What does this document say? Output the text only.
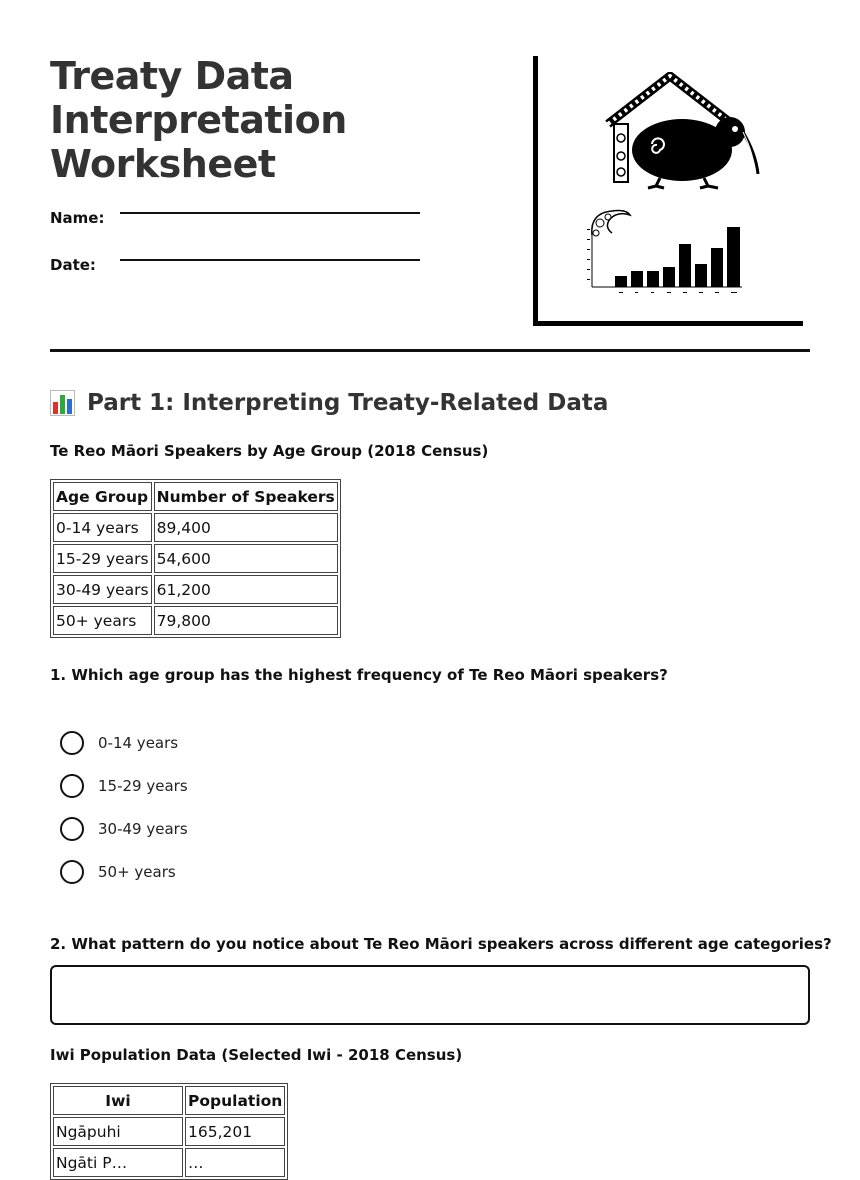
Treaty Data
Interpretation
Worksheet
Name:
Date:
Part 1: Interpreting Treaty-Related Data
Te Reo Māori Speakers by Age Group (2018 Census)
Age Group	Number of Speakers
0-14 years	89,400
15-29 years	54,600
30-49 years	61,200
50+ years	79,800
1. Which age group has the highest frequency of Te Reo Māori speakers?
0-14 years
15-29 years
30-49 years
50+ years
2. What pattern do you notice about Te Reo Māori speakers across different age categories?
Iwi Population Data (Selected Iwi - 2018 Census)
Iwi	Population
Ngāpuhi	165,201
Ngāti P…	…
